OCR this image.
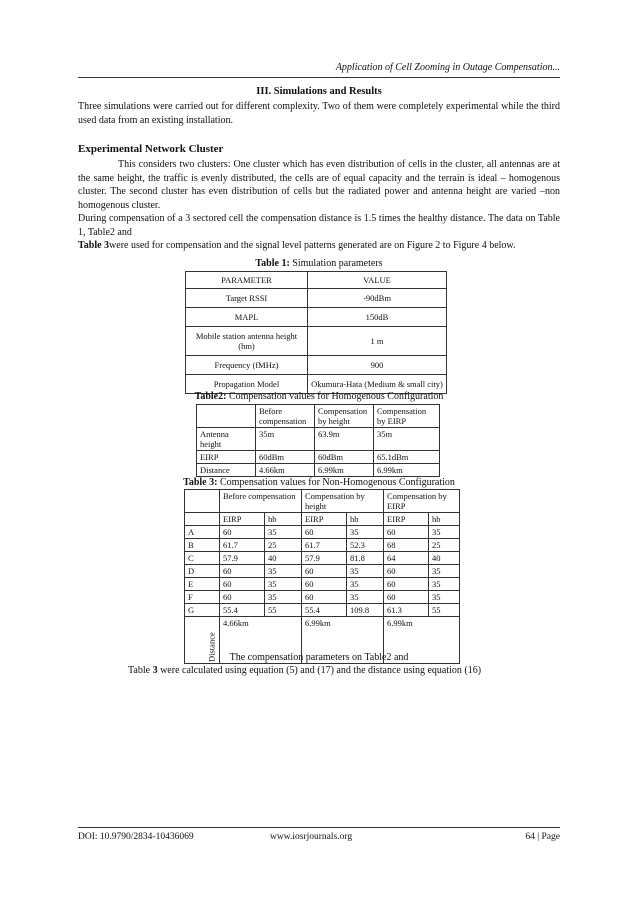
Application of Cell Zooming in Outage Compensation...
III. Simulations and Results
Three simulations were carried out for different complexity. Two of them were completely experimental while the third used data from an existing installation.
Experimental Network Cluster
This considers two clusters: One cluster which has even distribution of cells in the cluster, all antennas are at the same height, the traffic is evenly distributed, the cells are of equal capacity and the terrain is ideal – homogenous cluster. The second cluster has even distribution of cells but the radiated power and antenna height are varied –non homogenous cluster.
During compensation of a 3 sectored cell the compensation distance is 1.5 times the healthy distance. The data on Table 1, Table2 and
Table 3were used for compensation and the signal level patterns generated are on Figure 2 to Figure 4 below.
Table 1: Simulation parameters
PARAMETER	VALUE
Target RSSI	-90dBm
MAPL	150dB
Mobile station antenna height
(hm)	1 m
Frequency (fMHz)	900
Propagation Model	Okumura-Hata (Medium & small city)
Table2: Compensation values for Homogenous Configuration
	Before compensation	Compensation by height	Compensation by EIRP
Antenna height	35m	63.9m	35m
EIRP	60dBm	60dBm	65.1dBm
Distance	4.66km	6.99km	6.99km
Table 3: Compensation values for Non-Homogenous Configuration
	Before compensation		Compensation by height		Compensation by EIRP	
	EIRP	hb	EIRP	hb	EIRP	hb
A	60	35	60	35	60	35
B	61.7	25	61.7	52.3	68	25
C	57.9	40	57.9	81.8	64	40
D	60	35	60	35	60	35
E	60	35	60	35	60	35
F	60	35	60	35	60	35
G	55.4	55	55.4	109.8	61.3	55
Distance	4.66km		6.99km		6.99km	
The compensation parameters on Table2 and
Table 3 were calculated using equation (5) and (17) and the distance using equation (16)
DOI: 10.9790/2834-10436069	www.iosrjournals.org	64 | Page
